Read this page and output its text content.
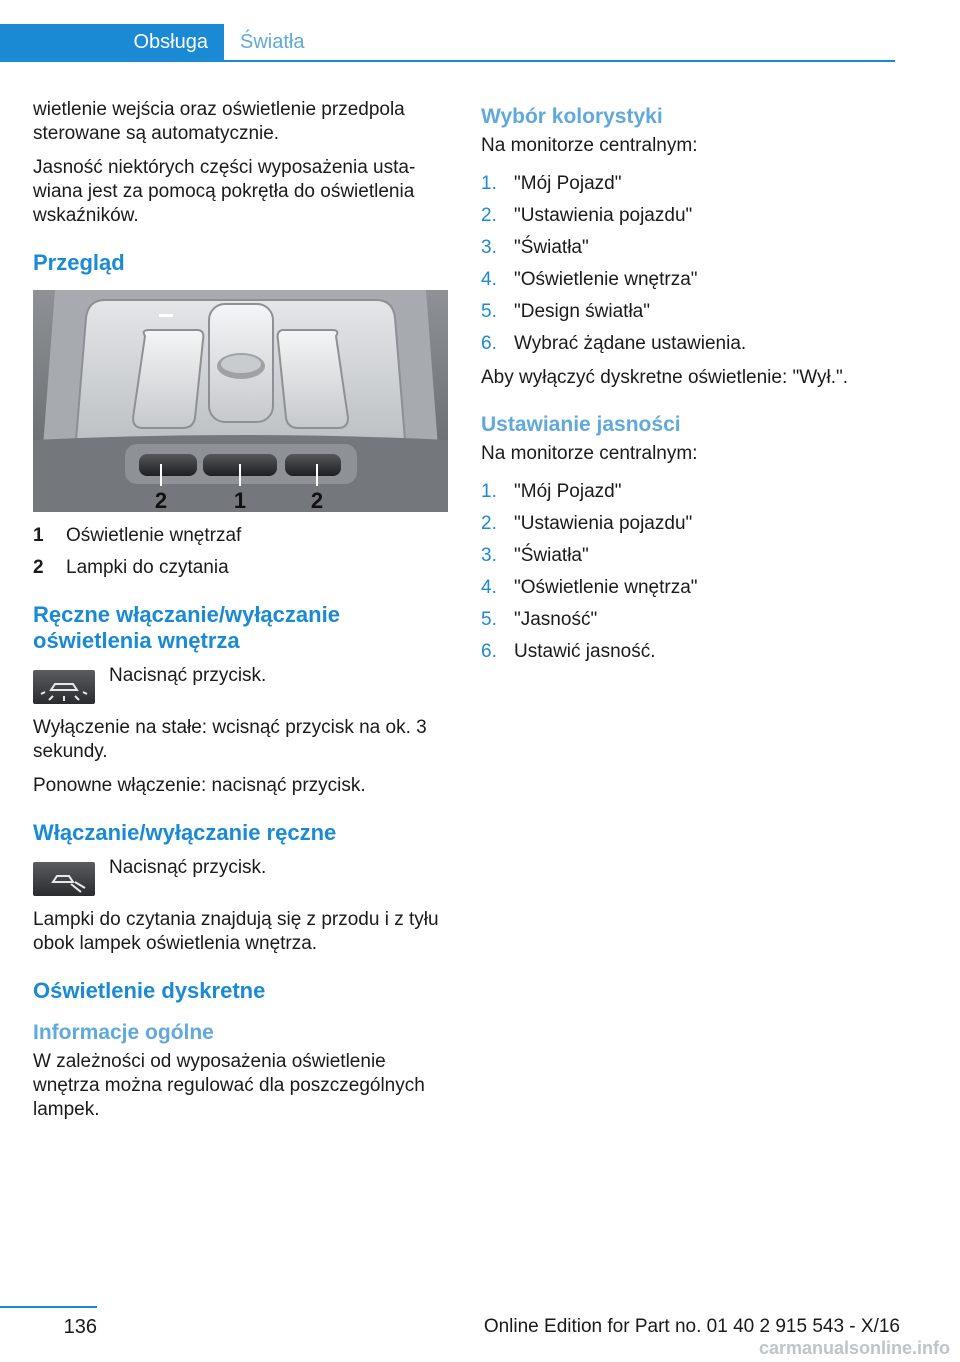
Obsługa	Światła

wietlenie wejścia oraz oświetlenie przedpola sterowane są automatycznie.

Jasność niektórych części wyposażenia ustawiana jest za pomocą pokrętła do oświetlenia wskaźników.

Przegląd
2	1	2
1	Oświetlenie wnętrzaf
2	Lampki do czytania
Ręczne włączanie/wyłączanie oświetlenia wnętrza
Nacisnąć przycisk.

Wyłączenie na stałe: wcisnąć przycisk na ok. 3 sekundy.

Ponowne włączenie: nacisnąć przycisk.

Włączanie/wyłączanie ręczne
Nacisnąć przycisk.

Lampki do czytania znajdują się z przodu i z tyłu obok lampek oświetlenia wnętrza.

Oświetlenie dyskretne
Informacje ogólne

W zależności od wyposażenia oświetlenie wnętrza można regulować dla poszczególnych lampek.

Wybór kolorystyki

Na monitorze centralnym:

1. "Mój Pojazd"
2. "Ustawienia pojazdu"
3. "Światła"
4. "Oświetlenie wnętrza"
5. "Design światła"
6. Wybrać żądane ustawienia.

Aby wyłączyć dyskretne oświetlenie: "Wył.".

Ustawianie jasności

Na monitorze centralnym:

1. "Mój Pojazd"
2. "Ustawienia pojazdu"
3. "Światła"
4. "Oświetlenie wnętrza"
5. "Jasność"
6. Ustawić jasność.
136	Online Edition for Part no. 01 40 2 915 543 - X/16
carmanualsonline.info
